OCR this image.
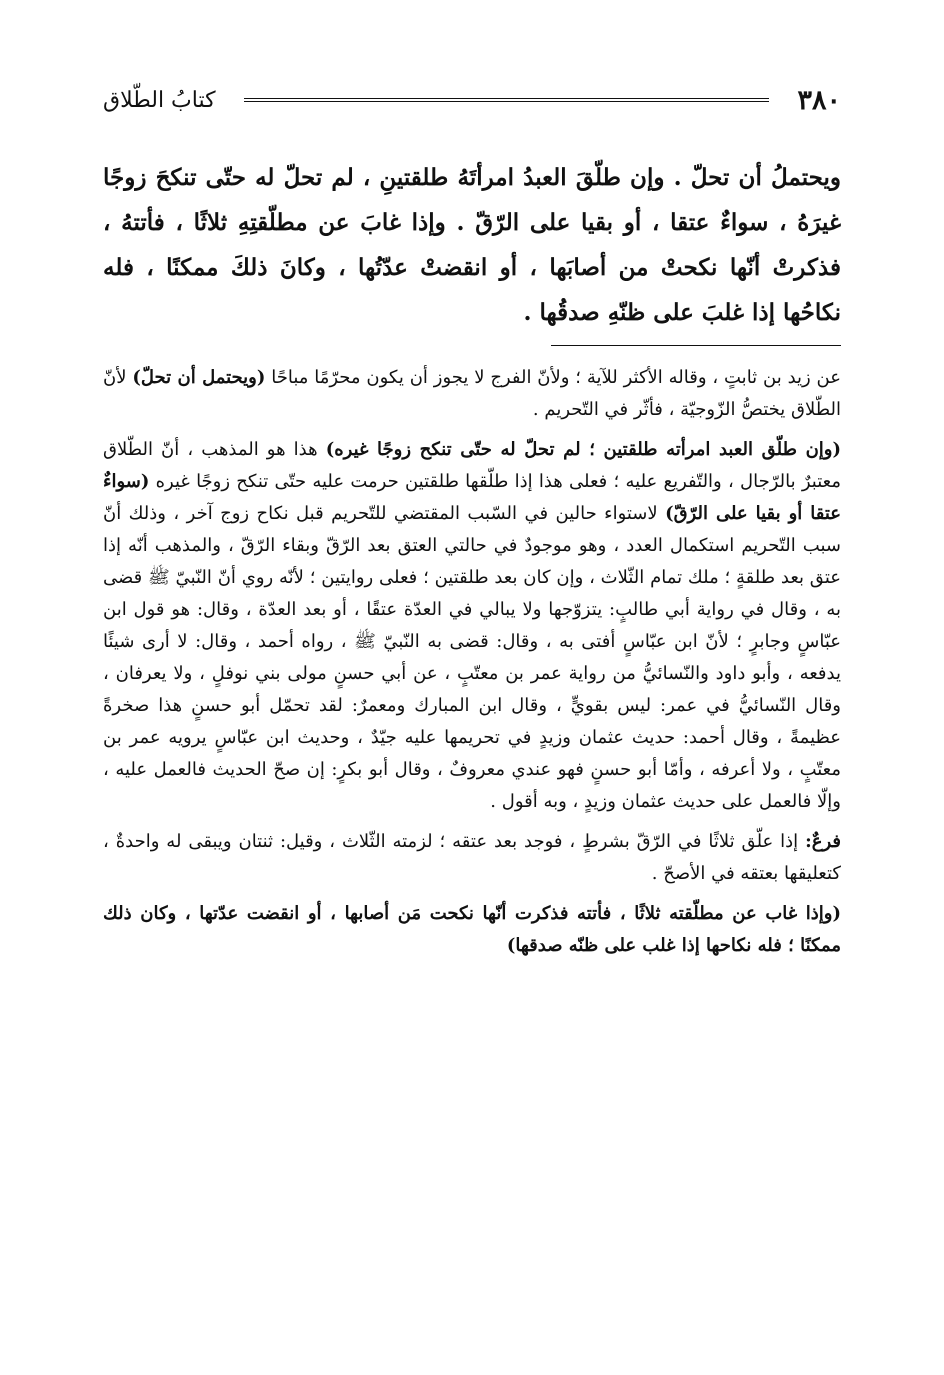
٣٨٠
كتابُ الطّلاق
ويحتملُ أن تحلّ . وإن طلّقَ العبدُ امرأتَهُ طلقتينِ ، لم تحلّ له حتّى تنكحَ زوجًا غيرَهُ ، سواءٌ عتقا ، أو بقيا على الرّقّ . وإذا غابَ عن مطلّقتِهِ ثلاثًا ، فأتتهُ ، فذكرتْ أنّها نكحتْ من أصابَها ، أو انقضتْ عدّتُها ، وكانَ ذلكَ ممكنًا ، فله نكاحُها إذا غلبَ على ظنّهِ صدقُها .

عن زيد بن ثابتٍ ، وقاله الأكثر للآية ؛ ولأنّ الفرج لا يجوز أن يكون محرّمًا مباحًا (ويحتمل أن تحلّ) لأنّ الطّلاق يختصُّ الزّوجيّة ، فأثّر في التّحريم .

(وإن طلّق العبد امرأته طلقتين ؛ لم تحلّ له حتّى تنكح زوجًا غيره) هذا هو المذهب ، أنّ الطّلاق معتبرٌ بالرّجال ، والتّفريع عليه ؛ فعلى هذا إذا طلّقها طلقتين حرمت عليه حتّى تنكح زوجًا غيره (سواءٌ عتقا أو بقيا على الرّقّ) لاستواء حالين في السّبب المقتضي للتّحريم قبل نكاح زوج آخر ، وذلك أنّ سبب التّحريم استكمال العدد ، وهو موجودٌ في حالتي العتق بعد الرّقّ وبقاء الرّقّ ، والمذهب أنّه إذا عتق بعد طلقةٍ ؛ ملك تمام الثّلاث ، وإن كان بعد طلقتين ؛ فعلى روايتين ؛ لأنّه روي أنّ النّبيّ ﷺ قضى به ، وقال في رواية أبي طالبٍ: يتزوّجها ولا يبالي في العدّة عتقًا ، أو بعد العدّة ، وقال: هو قول ابن عبّاسٍ وجابرٍ ؛ لأنّ ابن عبّاسٍ أفتى به ، وقال: قضى به النّبيّ ﷺ ، رواه أحمد ، وقال: لا أرى شيئًا يدفعه ، وأبو داود والنّسائيُّ من رواية عمر بن معتّبٍ ، عن أبي حسنٍ مولى بني نوفلٍ ، ولا يعرفان ، وقال النّسائيُّ في عمر: ليس بقويٍّ ، وقال ابن المبارك ومعمرٌ: لقد تحمّل أبو حسنٍ هذا صخرةً عظيمةً ، وقال أحمد: حديث عثمان وزيدٍ في تحريمها عليه جيّدٌ ، وحديث ابن عبّاسٍ يرويه عمر بن معتّبٍ ، ولا أعرفه ، وأمّا أبو حسنٍ فهو عندي معروفٌ ، وقال أبو بكرٍ: إن صحّ الحديث فالعمل عليه ، وإلّا فالعمل على حديث عثمان وزيدٍ ، وبه أقول .

فرعٌ: إذا علّق ثلاثًا في الرّقّ بشرطٍ ، فوجد بعد عتقه ؛ لزمته الثّلاث ، وقيل: ثنتان ويبقى له واحدةٌ ، كتعليقها بعتقه في الأصحّ .

(وإذا غاب عن مطلّقته ثلاثًا ، فأتته فذكرت أنّها نكحت مَن أصابها ، أو انقضت عدّتها ، وكان ذلك ممكنًا ؛ فله نكاحها إذا غلب على ظنّه صدقها)
